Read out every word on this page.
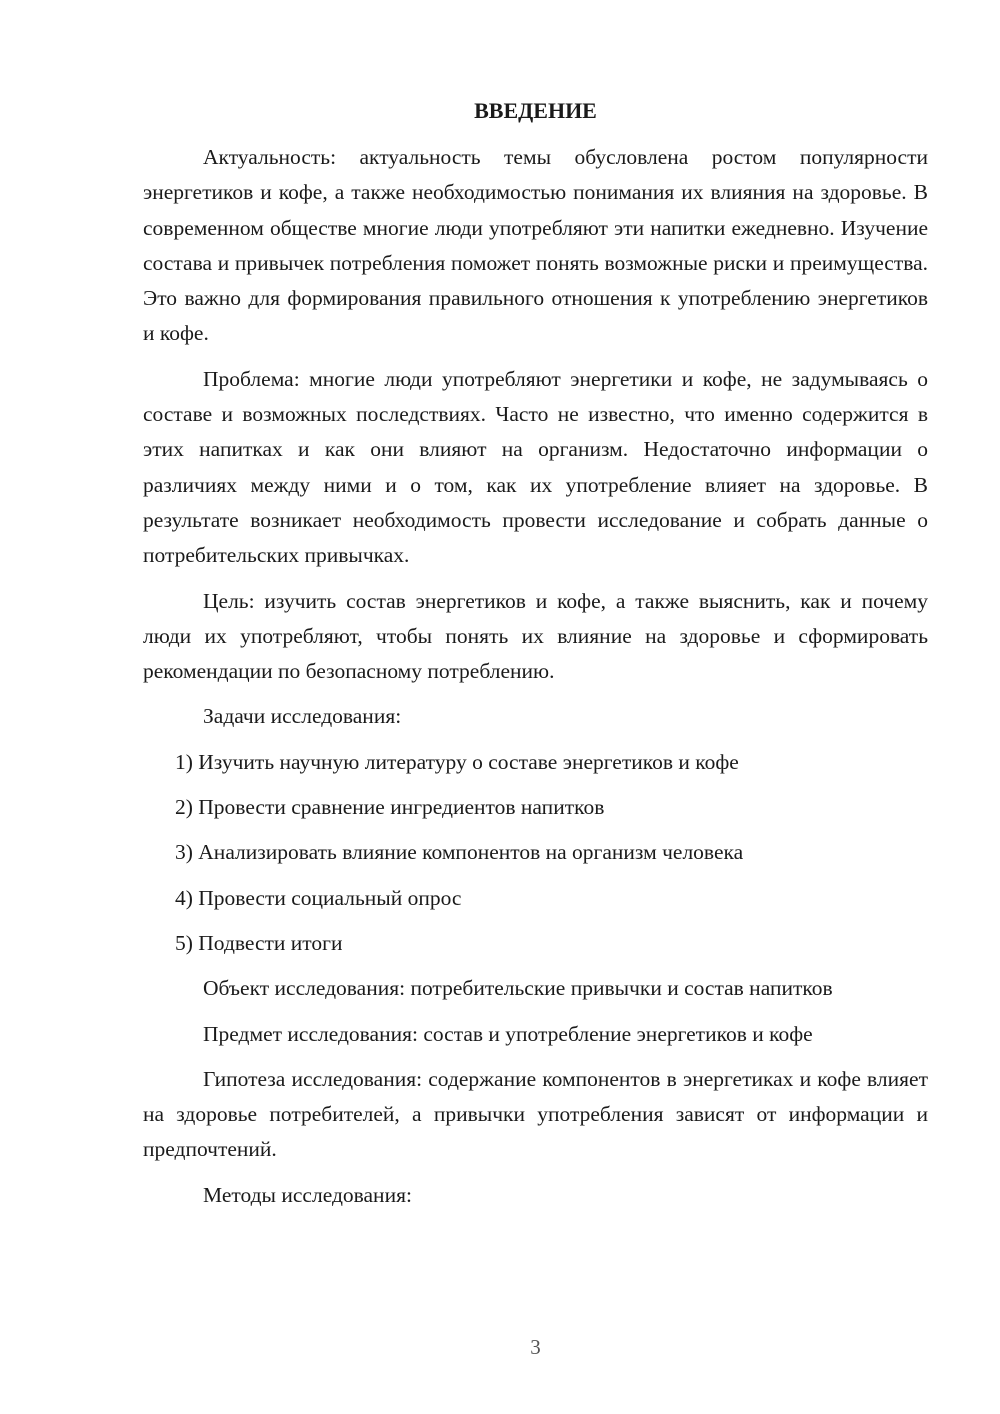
ВВЕДЕНИЕ

Актуальность: актуальность темы обусловлена ростом популярности энергетиков и кофе, а также необходимостью понимания их влияния на здоровье. В современном обществе многие люди употребляют эти напитки ежедневно. Изучение состава и привычек потребления поможет понять возможные риски и преимущества. Это важно для формирования правильного отношения к употреблению энергетиков и кофе.

Проблема: многие люди употребляют энергетики и кофе, не задумываясь о составе и возможных последствиях. Часто не известно, что именно содержится в этих напитках и как они влияют на организм. Недостаточно информации о различиях между ними и о том, как их употребление влияет на здоровье. В результате возникает необходимость провести исследование и собрать данные о потребительских привычках.

Цель: изучить состав энергетиков и кофе, а также выяснить, как и почему люди их употребляют, чтобы понять их влияние на здоровье и сформировать рекомендации по безопасному потреблению.

Задачи исследования:

1) Изучить научную литературу о составе энергетиков и кофе

2) Провести сравнение ингредиентов напитков

3) Анализировать влияние компонентов на организм человека

4) Провести социальный опрос

5) Подвести итоги

Объект исследования: потребительские привычки и состав напитков

Предмет исследования: состав и употребление энергетиков и кофе

Гипотеза исследования: содержание компонентов в энергетиках и кофе влияет на здоровье потребителей, а привычки употребления зависят от информации и предпочтений.

Методы исследования:

3
